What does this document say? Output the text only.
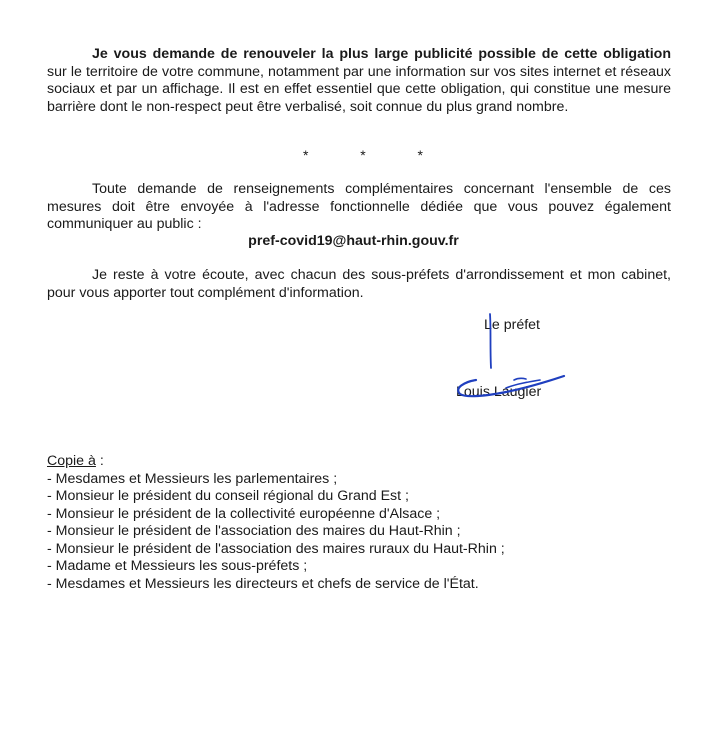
Je vous demande de renouveler la plus large publicité possible de cette obligation sur le territoire de votre commune, notamment par une information sur vos sites internet et réseaux sociaux et par un affichage. Il est en effet essentiel que cette obligation, qui constitue une mesure barrière dont le non-respect peut être verbalisé, soit connue du plus grand nombre.

*	*	*

Toute demande de renseignements complémentaires concernant l'ensemble de ces mesures doit être envoyée à l'adresse fonctionnelle dédiée que vous pouvez également communiquer au public :

pref-covid19@haut-rhin.gouv.fr

Je reste à votre écoute, avec chacun des sous-préfets d'arrondissement et mon cabinet, pour vous apporter tout complément d'information.

Le préfet
Louis Laugier
Copie à :
- Mesdames et Messieurs les parlementaires ;
- Monsieur le président du conseil régional du Grand Est ;
- Monsieur le président de la collectivité européenne d'Alsace ;
- Monsieur le président de l'association des maires du Haut-Rhin ;
- Monsieur le président de l'association des maires ruraux du Haut-Rhin ;
- Madame et Messieurs les sous-préfets ;
- Mesdames et Messieurs les directeurs et chefs de service de l'État.
